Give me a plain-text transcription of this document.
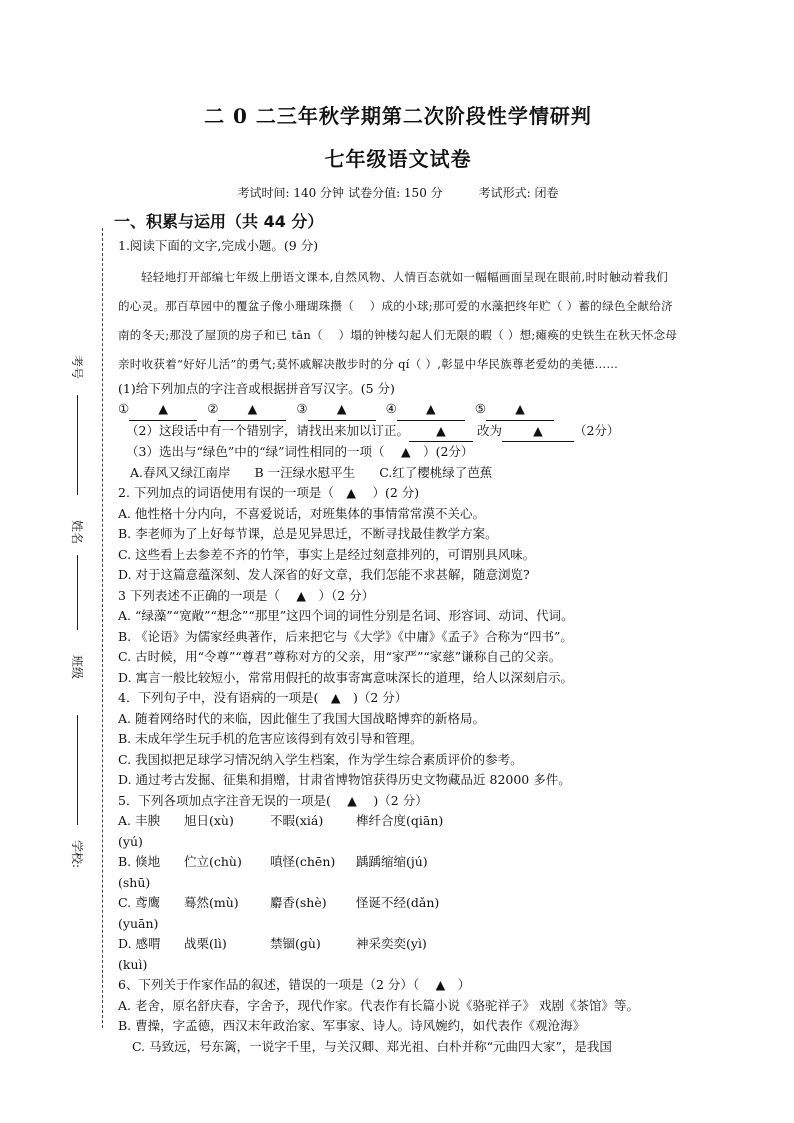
考号
姓名
班级
学校:
二 0 二三年秋学期第二次阶段性学情研判
七年级语文试卷
考试时间: 140 分钟 试卷分值: 150 分	考试形式: 闭卷
一、积累与运用（共 44 分）

1.阅读下面的文字,完成小题。(9 分)

轻轻地打开部编七年级上册语文课本,自然风物、人情百态就如一幅幅画面呈现在眼前,时时触动着我们的心灵。那百草园中的覆盆子像小珊瑚珠攒（　 ）成的小球;那可爱的水藻把终年贮（ ）蓄的绿色全献给济南的冬天;那没了屋顶的房子和已 tān（　 ）塌的钟楼勾起人们无限的暇（ ）想;瘫痪的史铁生在秋天怀念母亲时收获着“好好儿活”的勇气;莫怀戚解决散步时的分 qí（ ）,彰显中华民族尊老爱幼的美德……

(1)给下列加点的字注音或根据拼音写汉字。(5 分)

① ▲	② ▲	③ ▲	④ ▲	⑤ ▲
（2）这段话中有一个错别字，请找出来加以订正。 ▲ 改为 ▲ （2分）

（3）选出与“绿色”中的“绿”词性相同的一项（　 ▲　）(2分）

A.春风又绿江南岸 B 一汪绿水慰平生 C.红了樱桃绿了芭蕉

2. 下列加点的词语使用有误的一项是（　▲　 ）(2 分)

A. 他性格十分内向，不喜爱说话，对班集体的事情常常漠不关心。

B. 李老师为了上好每节课，总是见异思迁，不断寻找最佳教学方案。

C. 这些看上去参差不齐的竹竿，事实上是经过刻意排列的，可谓别具风味。

D. 对于这篇意蕴深刻、发人深省的好文章，我们怎能不求甚解，随意浏览?

3 下列表述不正确的一项是（　 ▲　）（2 分）

A. “绿藻”“宽敞”“想念”“那里”这四个词的词性分别是名词、形容词、动词、代词。

B. 《论语》为儒家经典著作，后来把它与《大学》《中庸》《孟子》合称为“四书”。

C. 古时候，用“令尊”“尊君”尊称对方的父亲，用“家严”“家慈”谦称自己的父亲。

D. 寓言一般比较短小，常常用假托的故事寄寓意味深长的道理，给人以深刻启示。

4．下列句子中，没有语病的一项是(　▲　)（2 分）

A. 随着网络时代的来临，因此催生了我国大国战略博弈的新格局。

B. 未成年学生玩手机的危害应该得到有效引导和管理。

C. 我国拟把足球学习情况纳入学生档案，作为学生综合素质评价的参考。

D. 通过考古发掘、征集和捐赠，甘肃省博物馆获得历史文物藏品近 82000 多件。

5．下列各项加点字注音无误的一项是(　 ▲　 )（2 分）

A. 丰腴(yú)
旭日(xù)	不暇(xiá)	榫纤合度(qiān)
B. 倏地(shū)
伫立(chù)	嗔怪(chēn)	踽踽缩缩(jú)
C. 鸢鹰(yuān)
蓦然(mù)	麝香(shè)	怪诞不经(dǎn)
D. 感喟(kuì)
战栗(lì)	禁锢(gù)	神采奕奕(yì)

6、下列关于作家作品的叙述，错误的一项是（2 分）（　 ▲　）

A. 老舍，原名舒庆春，字舍予，现代作家。代表作有长篇小说《骆驼祥子》 戏剧《茶馆》等。

B. 曹操，字孟德，西汉末年政治家、军事家、诗人。诗风婉约，如代表作《观沧海》

C. 马致远，号东篱，一说字千里，与关汉卿、郑光祖、白朴并称“元曲四大家”，是我国
